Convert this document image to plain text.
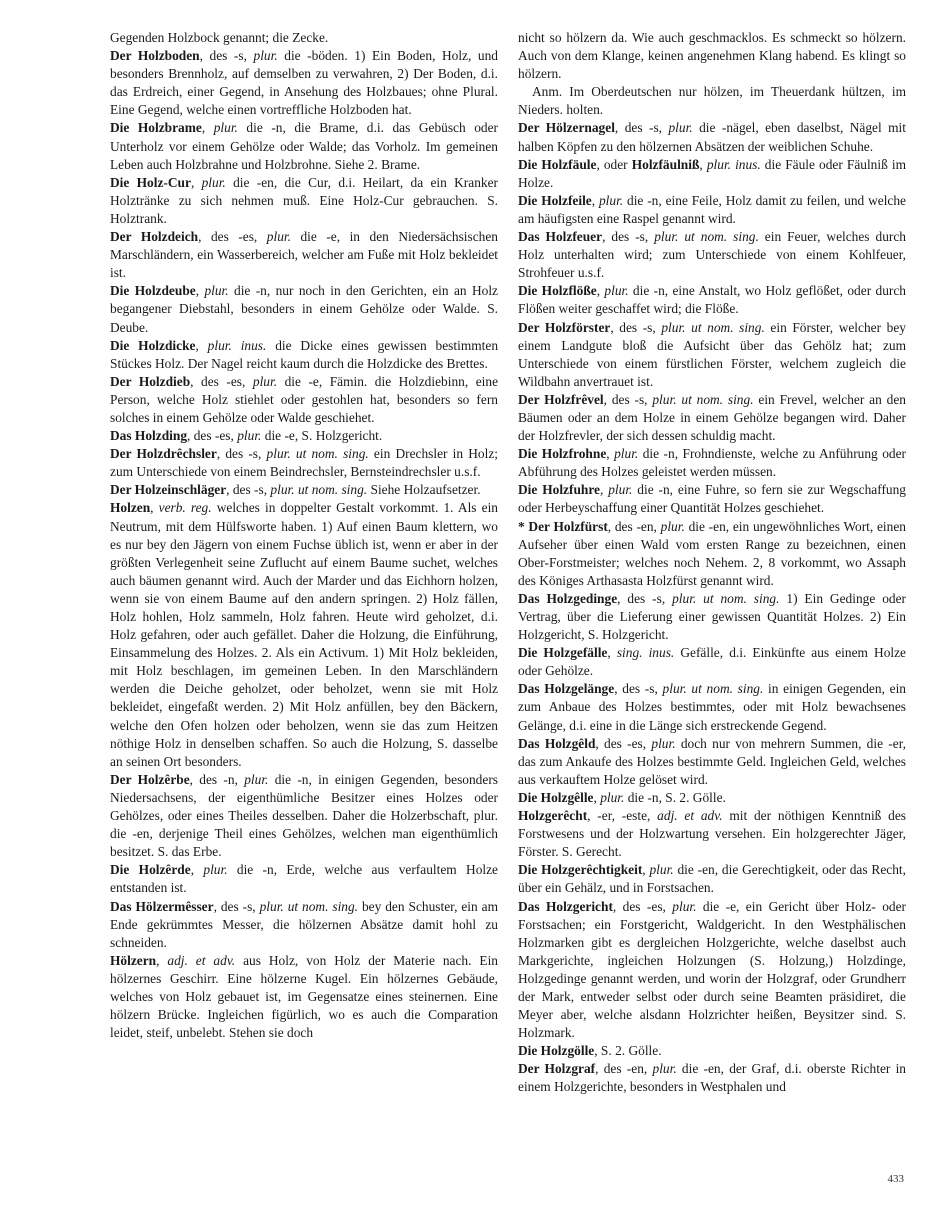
Gegenden Holzbock genannt; die Zecke.

Der Holzboden, des -s, plur. die -böden. 1) Ein Boden, Holz, und besonders Brennholz, auf demselben zu verwahren, 2) Der Boden, d.i. das Erdreich, einer Gegend, in Ansehung des Holzbaues; ohne Plural. Eine Gegend, welche einen vortreffliche Holzboden hat.

Die Holzbrame, plur. die -n, die Brame, d.i. das Gebüsch oder Unterholz vor einem Gehölze oder Walde; das Vorholz. Im gemeinen Leben auch Holzbrahne und Holzbrohne. Siehe 2. Brame.

Die Holz-Cur, plur. die -en, die Cur, d.i. Heilart, da ein Kranker Holztränke zu sich nehmen muß. Eine Holz-Cur gebrauchen. S. Holztrank.

Der Holzdeich, des -es, plur. die -e, in den Niedersächsischen Marschländern, ein Wasserbereich, welcher am Fuße mit Holz bekleidet ist.

Die Holzdeube, plur. die -n, nur noch in den Gerichten, ein an Holz begangener Diebstahl, besonders in einem Gehölze oder Walde. S. Deube.

Die Holzdicke, plur. inus. die Dicke eines gewissen bestimmten Stückes Holz. Der Nagel reicht kaum durch die Holzdicke des Brettes.

Der Holzdieb, des -es, plur. die -e, Fämin. die Holzdiebinn, eine Person, welche Holz stiehlet oder gestohlen hat, besonders so fern solches in einem Gehölze oder Walde geschiehet.

Das Holzding, des -es, plur. die -e, S. Holzgericht.

Der Holzdrêchsler, des -s, plur. ut nom. sing. ein Drechsler in Holz; zum Unterschiede von einem Beindrechsler, Bernsteindrechsler u.s.f.

Der Holzeinschläger, des -s, plur. ut nom. sing. Siehe Holzaufsetzer.

Holzen, verb. reg. welches in doppelter Gestalt vorkommt. 1. Als ein Neutrum, mit dem Hülfsworte haben. 1) Auf einen Baum klettern, wo es nur bey den Jägern von einem Fuchse üblich ist, wenn er aber in der größten Verlegenheit seine Zuflucht auf einem Baume suchet, welches auch bäumen genannt wird. Auch der Marder und das Eichhorn holzen, wenn sie von einem Baume auf den andern springen. 2) Holz fällen, Holz hohlen, Holz sammeln, Holz fahren. Heute wird geholzet, d.i. Holz gefahren, oder auch gefället. Daher die Holzung, die Einführung, Einsammelung des Holzes. 2. Als ein Activum. 1) Mit Holz bekleiden, mit Holz beschlagen, im gemeinen Leben. In den Marschländern werden die Deiche geholzet, oder beholzet, wenn sie mit Holz bekleidet, eingefaßt werden. 2) Mit Holz anfüllen, bey den Bäckern, welche den Ofen holzen oder beholzen, wenn sie das zum Heitzen nöthige Holz in denselben schaffen. So auch die Holzung, S. dasselbe an seinen Ort besonders.

Der Holzêrbe, des -n, plur. die -n, in einigen Gegenden, besonders Niedersachsens, der eigenthümliche Besitzer eines Holzes oder Gehölzes, oder eines Theiles desselben. Daher die Holzerbschaft, plur. die -en, derjenige Theil eines Gehölzes, welchen man eigenthümlich besitzet. S. das Erbe.

Die Holzêrde, plur. die -n, Erde, welche aus verfaultem Holze entstanden ist.

Das Hölzermêsser, des -s, plur. ut nom. sing. bey den Schuster, ein am Ende gekrümmtes Messer, die hölzernen Absätze damit hohl zu schneiden.

Hölzern, adj. et adv. aus Holz, von Holz der Materie nach. Ein hölzernes Geschirr. Eine hölzerne Kugel. Ein hölzernes Gebäude, welches von Holz gebauet ist, im Gegensatze eines steinernen. Eine hölzern Brücke. Ingleichen figürlich, wo es auch die Comparation leidet, steif, unbelebt. Stehen sie doch

nicht so hölzern da. Wie auch geschmacklos. Es schmeckt so hölzern. Auch von dem Klange, keinen angenehmen Klang habend. Es klingt so hölzern.

Anm. Im Oberdeutschen nur hölzen, im Theuerdank hültzen, im Nieders. holten.

Der Hölzernagel, des -s, plur. die -nägel, eben daselbst, Nägel mit halben Köpfen zu den hölzernen Absätzen der weiblichen Schuhe.

Die Holzfäule, oder Holzfäulniß, plur. inus. die Fäule oder Fäulniß im Holze.

Die Holzfeile, plur. die -n, eine Feile, Holz damit zu feilen, und welche am häufigsten eine Raspel genannt wird.

Das Holzfeuer, des -s, plur. ut nom. sing. ein Feuer, welches durch Holz unterhalten wird; zum Unterschiede von einem Kohlfeuer, Strohfeuer u.s.f.

Die Holzflöße, plur. die -n, eine Anstalt, wo Holz geflößet, oder durch Flößen weiter geschaffet wird; die Flöße.

Der Holzförster, des -s, plur. ut nom. sing. ein Förster, welcher bey einem Landgute bloß die Aufsicht über das Gehölz hat; zum Unterschiede von einem fürstlichen Förster, welchem zugleich die Wildbahn anvertrauet ist.

Der Holzfrêvel, des -s, plur. ut nom. sing. ein Frevel, welcher an den Bäumen oder an dem Holze in einem Gehölze begangen wird. Daher der Holzfrevler, der sich dessen schuldig macht.

Die Holzfrohne, plur. die -n, Frohndienste, welche zu Anführung oder Abführung des Holzes geleistet werden müssen.

Die Holzfuhre, plur. die -n, eine Fuhre, so fern sie zur Wegschaffung oder Herbeyschaffung einer Quantität Holzes geschiehet.

* Der Holzfürst, des -en, plur. die -en, ein ungewöhnliches Wort, einen Aufseher über einen Wald vom ersten Range zu bezeichnen, einen Ober-Forstmeister; welches noch Nehem. 2, 8 vorkommt, wo Assaph des Königes Arthasasta Holzfürst genannt wird.

Das Holzgedinge, des -s, plur. ut nom. sing. 1) Ein Gedinge oder Vertrag, über die Lieferung einer gewissen Quantität Holzes. 2) Ein Holzgericht, S. Holzgericht.

Die Holzgefälle, sing. inus. Gefälle, d.i. Einkünfte aus einem Holze oder Gehölze.

Das Holzgelänge, des -s, plur. ut nom. sing. in einigen Gegenden, ein zum Anbaue des Holzes bestimmtes, oder mit Holz bewachsenes Gelänge, d.i. eine in die Länge sich erstreckende Gegend.

Das Holzgêld, des -es, plur. doch nur von mehrern Summen, die -er, das zum Ankaufe des Holzes bestimmte Geld. Ingleichen Geld, welches aus verkauftem Holze gelöset wird.

Die Holzgêlle, plur. die -n, S. 2. Gölle.

Holzgerêcht, -er, -este, adj. et adv. mit der nöthigen Kenntniß des Forstwesens und der Holzwartung versehen. Ein holzgerechter Jäger, Förster. S. Gerecht.

Die Holzgerêchtigkeit, plur. die -en, die Gerechtigkeit, oder das Recht, über ein Gehälz, und in Forstsachen.

Das Holzgericht, des -es, plur. die -e, ein Gericht über Holz- oder Forstsachen; ein Forstgericht, Waldgericht. In den Westphälischen Holzmarken gibt es dergleichen Holzgerichte, welche daselbst auch Markgerichte, ingleichen Holzungen (S. Holzung,) Holzdinge, Holzgedinge genannt werden, und worin der Holzgraf, oder Grundherr der Mark, entweder selbst oder durch seine Beamten präsidiret, die Meyer aber, welche alsdann Holzrichter heißen, Beysitzer sind. S. Holzmark.

Die Holzgölle, S. 2. Gölle.

Der Holzgraf, des -en, plur. die -en, der Graf, d.i. oberste Richter in einem Holzgerichte, besonders in Westphalen und

433
